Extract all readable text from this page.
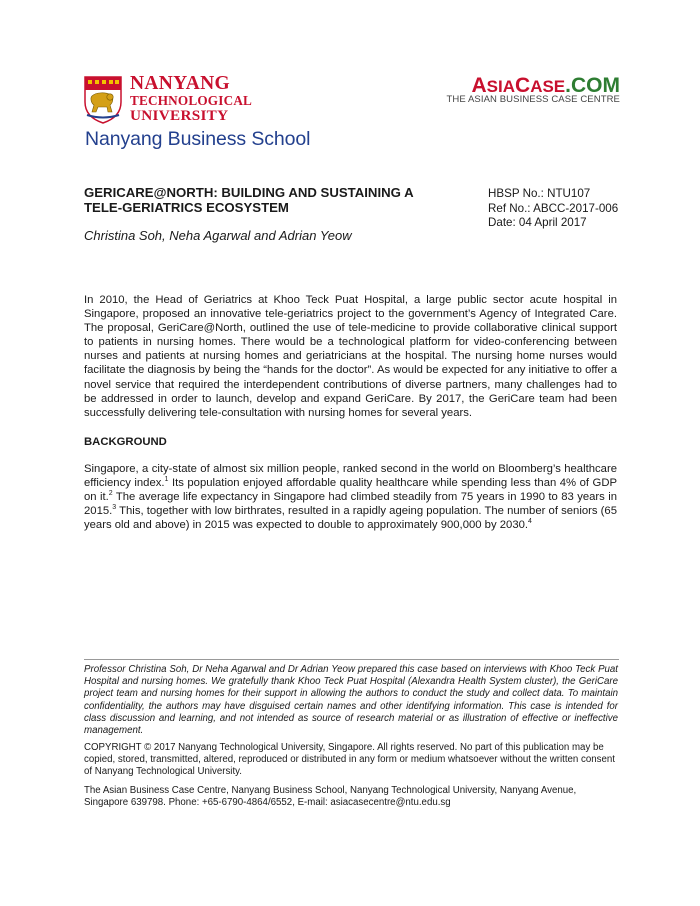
NANYANG
TECHNOLOGICAL
UNIVERSITY
Nanyang Business School
ASIACASE.COM
THE ASIAN BUSINESS CASE CENTRE
GERICARE@NORTH: BUILDING AND SUSTAINING A TELE-GERIATRICS ECOSYSTEM
Christina Soh, Neha Agarwal and Adrian Yeow
HBSP No.: NTU107
Ref No.: ABCC-2017-006
Date: 04 April 2017
In 2010, the Head of Geriatrics at Khoo Teck Puat Hospital, a large public sector acute hospital in Singapore, proposed an innovative tele-geriatrics project to the government’s Agency of Integrated Care. The proposal, GeriCare@North, outlined the use of tele-medicine to provide collaborative clinical support to patients in nursing homes. There would be a technological platform for video-conferencing between nurses and patients at nursing homes and geriatricians at the hospital. The nursing home nurses would facilitate the diagnosis by being the “hands for the doctor”. As would be expected for any initiative to offer a novel service that required the interdependent contributions of diverse partners, many challenges had to be addressed in order to launch, develop and expand GeriCare. By 2017, the GeriCare team had been successfully delivering tele-consultation with nursing homes for several years.
BACKGROUND
Singapore, a city-state of almost six million people, ranked second in the world on Bloomberg’s healthcare efficiency index.$^1$ Its population enjoyed affordable quality healthcare while spending less than 4% of GDP on it.$^2$ The average life expectancy in Singapore had climbed steadily from 75 years in 1990 to 83 years in 2015.$^3$ This, together with low birthrates, resulted in a rapidly ageing population. The number of seniors (65 years old and above) in 2015 was expected to double to approximately 900,000 by 2030.$^4$
Professor Christina Soh, Dr Neha Agarwal and Dr Adrian Yeow prepared this case based on interviews with Khoo Teck Puat Hospital and nursing homes. We gratefully thank Khoo Teck Puat Hospital (Alexandra Health System cluster), the GeriCare project team and nursing homes for their support in allowing the authors to conduct the study and collect data. To maintain confidentiality, the authors may have disguised certain names and other identifying information. This case is intended for class discussion and learning, and not intended as source of research material or as illustration of effective or ineffective management.
COPYRIGHT © 2017 Nanyang Technological University, Singapore. All rights reserved. No part of this publication may be copied, stored, transmitted, altered, reproduced or distributed in any form or medium whatsoever without the written consent of Nanyang Technological University.
The Asian Business Case Centre, Nanyang Business School, Nanyang Technological University, Nanyang Avenue, Singapore 639798. Phone: +65-6790-4864/6552, E-mail: asiacasecentre@ntu.edu.sg
